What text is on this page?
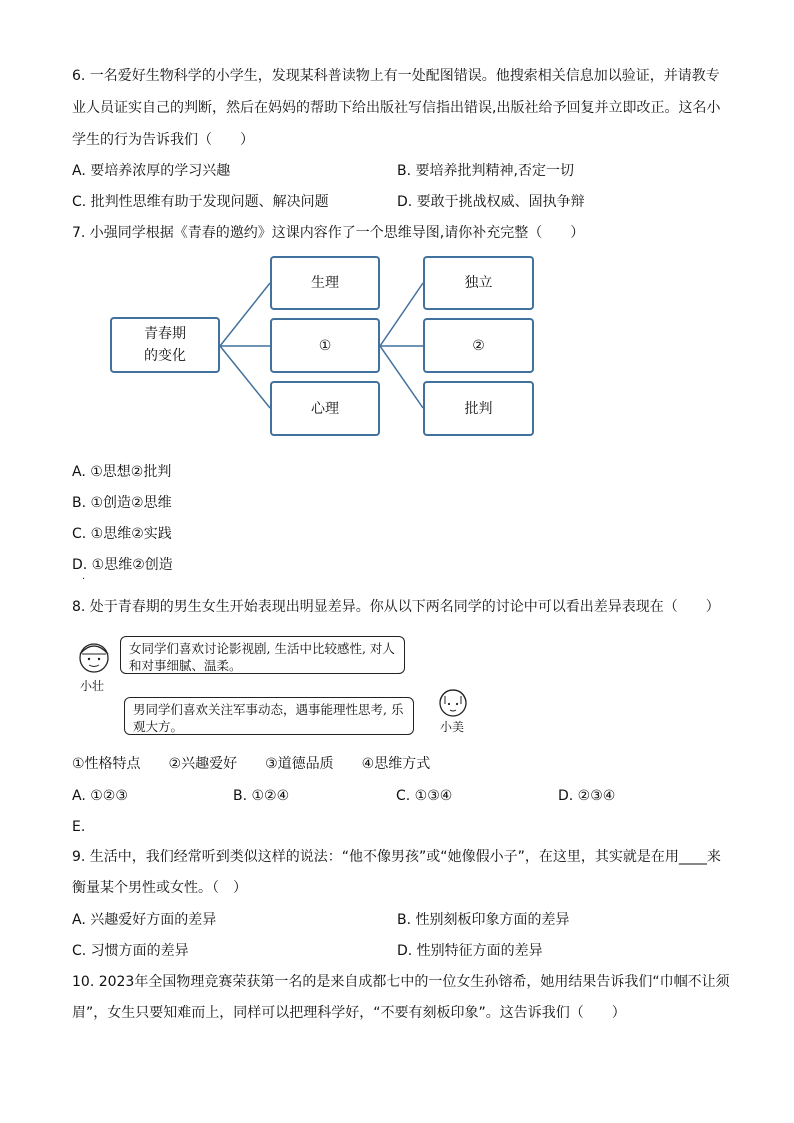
6. 一名爱好生物科学的小学生，发现某科普读物上有一处配图错误。他搜索相关信息加以验证，并请教专
业人员证实自己的判断，然后在妈妈的帮助下给出版社写信指出错误,出版社给予回复并立即改正。这名小
学生的行为告诉我们（　　）
A. 要培养浓厚的学习兴趣	B. 要培养批判精神,否定一切
C. 批判性思维有助于发现问题、解决问题	D. 要敢于挑战权威、固执争辩
7. 小强同学根据《青春的邀约》这课内容作了一个思维导图,请你补充完整（　　）
青春期
的变化
生理
①
心理
独立
②
批判
A. ①思想②批判
B. ①创造②思维
C. ①思维②实践
D. ①思维②创造
·
8. 处于青春期的男生女生开始表现出明显差异。你从以下两名同学的讨论中可以看出差异表现在（　　）
小壮
女同学们喜欢讨论影视剧, 生活中比较感性, 对人和对事细腻、温柔。
男同学们喜欢关注军事动态，遇事能理性思考, 乐观大方。	小美
①性格特点　　②兴趣爱好　　③道德品质　　④思维方式
A. ①②③	B. ①②④	C. ①③④	D. ②③④
E.
9. 生活中，我们经常听到类似这样的说法：“他不像男孩”或“她像假小子”，在这里，其实就是在用____来
衡量某个男性或女性。（　）
A. 兴趣爱好方面的差异	B. 性别刻板印象方面的差异
C. 习惯方面的差异	D. 性别特征方面的差异
10. 2023年全国物理竞赛荣获第一名的是来自成都七中的一位女生孙镕希，她用结果告诉我们“巾帼不让须
眉”，女生只要知难而上，同样可以把理科学好，“不要有刻板印象”。这告诉我们（　　）
